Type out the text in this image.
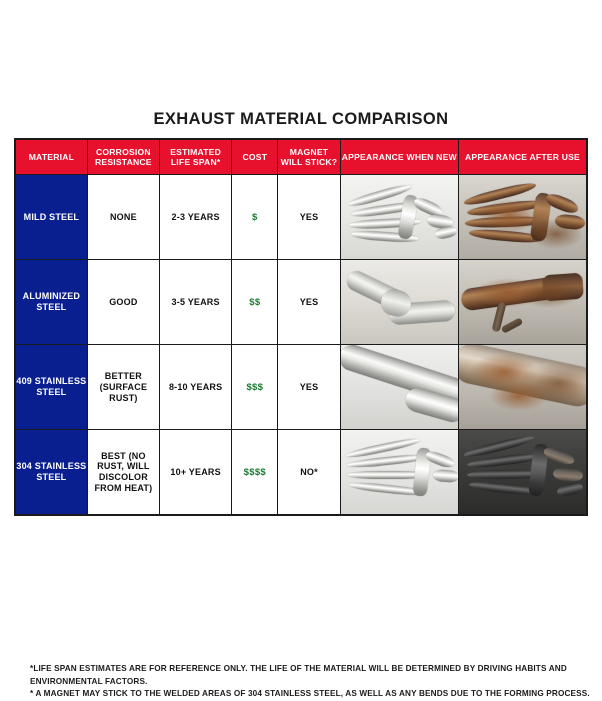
EXHAUST MATERIAL COMPARISON
MATERIAL	CORROSION RESISTANCE	ESTIMATED LIFE SPAN*	COST	MAGNET WILL STICK?	APPEARANCE WHEN NEW	APPEARANCE AFTER USE
MILD STEEL	NONE	2-3 YEARS	$	YES	

ALUMINIZED STEEL	GOOD	3-5 YEARS	$$	YES	

409 STAINLESS STEEL	BETTER (SURFACE RUST)	8-10 YEARS	$$$	YES	

304 STAINLESS STEEL	BEST (NO RUST, WILL DISCOLOR FROM HEAT)	10+ YEARS	$$$$	NO*	

*LIFE SPAN ESTIMATES ARE FOR REFERENCE ONLY. THE LIFE OF THE MATERIAL WILL BE DETERMINED BY DRIVING HABITS AND ENVIRONMENTAL FACTORS.

* A MAGNET MAY STICK TO THE WELDED AREAS OF 304 STAINLESS STEEL, AS WELL AS ANY BENDS DUE TO THE FORMING PROCESS.
